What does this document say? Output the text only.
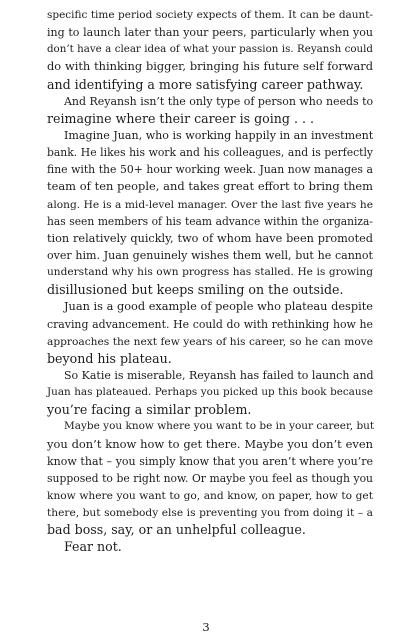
specific time period society expects of them. It can be daunt-
ing to launch later than your peers, particularly when you
don’t have a clear idea of what your passion is. Reyansh could
do with thinking bigger, bringing his future self forward
and identifying a more satisfying career pathway.
And Reyansh isn’t the only type of person who needs to
reimagine where their career is going . . .
Imagine Juan, who is working happily in an investment
bank. He likes his work and his colleagues, and is perfectly
fine with the 50+ hour working week. Juan now manages a
team of ten people, and takes great effort to bring them
along. He is a mid-level manager. Over the last five years he
has seen members of his team advance within the organiza-
tion relatively quickly, two of whom have been promoted
over him. Juan genuinely wishes them well, but he cannot
understand why his own progress has stalled. He is growing
disillusioned but keeps smiling on the outside.
Juan is a good example of people who plateau despite
craving advancement. He could do with rethinking how he
approaches the next few years of his career, so he can move
beyond his plateau.
So Katie is miserable, Reyansh has failed to launch and
Juan has plateaued. Perhaps you picked up this book because
you’re facing a similar problem.
Maybe you know where you want to be in your career, but
you don’t know how to get there. Maybe you don’t even
know that – you simply know that you aren’t where you’re
supposed to be right now. Or maybe you feel as though you
know where you want to go, and know, on paper, how to get
there, but somebody else is preventing you from doing it – a
bad boss, say, or an unhelpful colleague.
Fear not.
3
